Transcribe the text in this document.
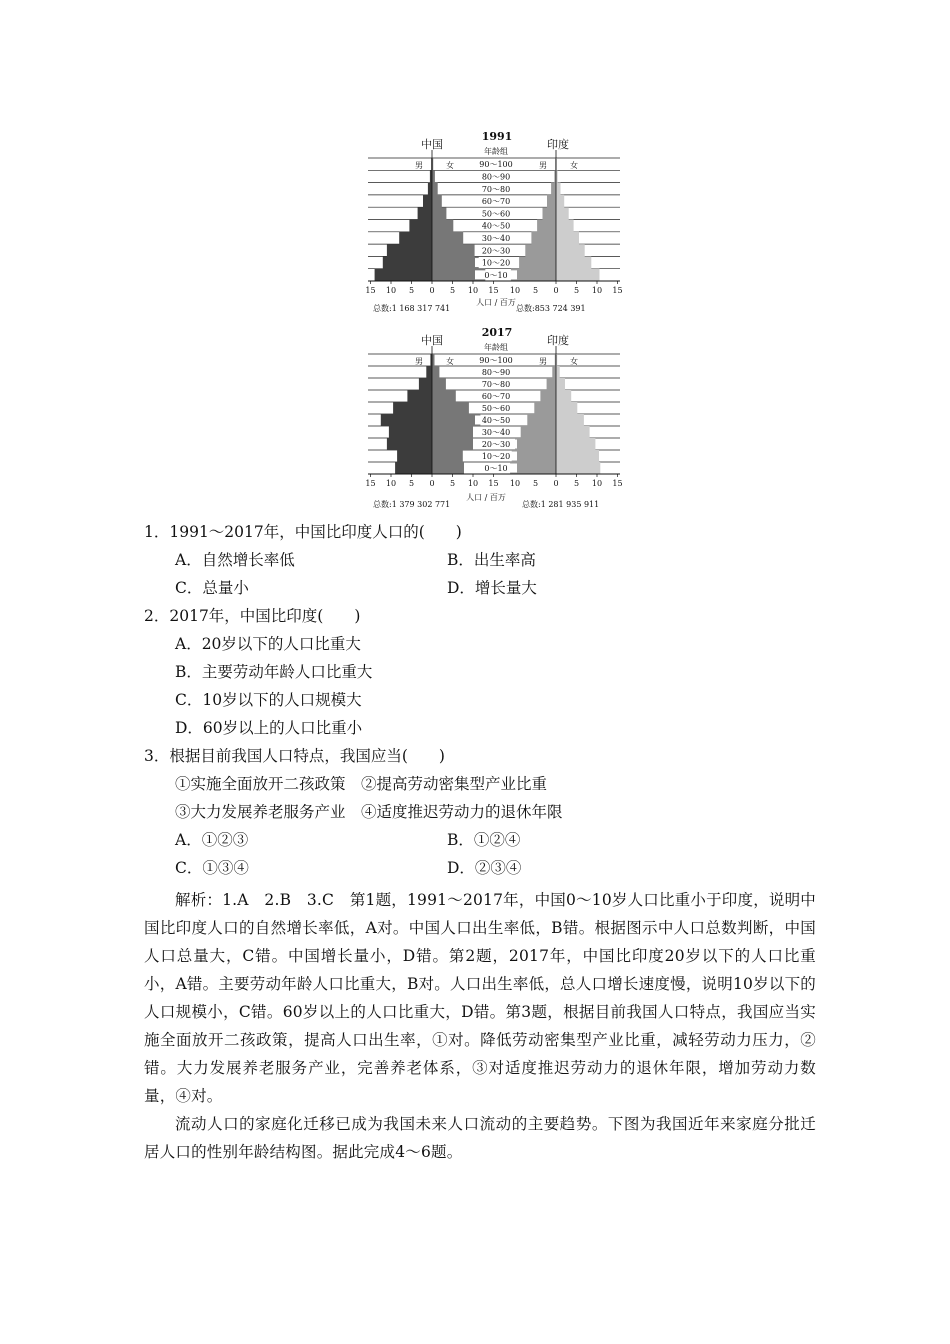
1991
中国	印度
年龄组
男	女	男	女
90～100
80～90
70～80
60～70
50～60
40～50
30～40
20～30
10～20
0～10
15 10 5 0 5 10 15	0 5 10 15
10 5
人口 / 百万
总数:1 168 317 741	总数:853 724 391
2017
中国	印度
年龄组
男	女	男	女
90～100
80～90
70～80
60～70
50～60
40～50
30～40
20～30
10～20
0～10
15 10 5 0 5 10 15	0 5 10 15
10 5
人口 / 百万
总数:1 379 302 771	总数:1 281 935 911
1．1991～2017年，中国比印度人口的(　　)
A．自然增长率低	B．出生率高
C．总量小	D．增长量大
2．2017年，中国比印度(　　)
A．20岁以下的人口比重大
B．主要劳动年龄人口比重大
C．10岁以下的人口规模大
D．60岁以上的人口比重小
3．根据目前我国人口特点，我国应当(　　)
①实施全面放开二孩政策　②提高劳动密集型产业比重
③大力发展养老服务产业　④适度推迟劳动力的退休年限
A．①②③	B．①②④
C．①③④	D．②③④
解析：1.A　2.B　3.C　第1题，1991～2017年，中国0～10岁人口比重小于印度，说明中国比印度人口的自然增长率低，A对。中国人口出生率低，B错。根据图示中人口总数判断，中国人口总量大，C错。中国增长量小，D错。第2题，2017年，中国比印度20岁以下的人口比重小，A错。主要劳动年龄人口比重大，B对。人口出生率低，总人口增长速度慢，说明10岁以下的人口规模小，C错。60岁以上的人口比重大，D错。第3题，根据目前我国人口特点，我国应当实施全面放开二孩政策，提高人口出生率，①对。降低劳动密集型产业比重，减轻劳动力压力，②错。大力发展养老服务产业，完善养老体系，③对适度推迟劳动力的退休年限，增加劳动力数量，④对。
流动人口的家庭化迁移已成为我国未来人口流动的主要趋势。下图为我国近年来家庭分批迁居人口的性别年龄结构图。据此完成4～6题。
